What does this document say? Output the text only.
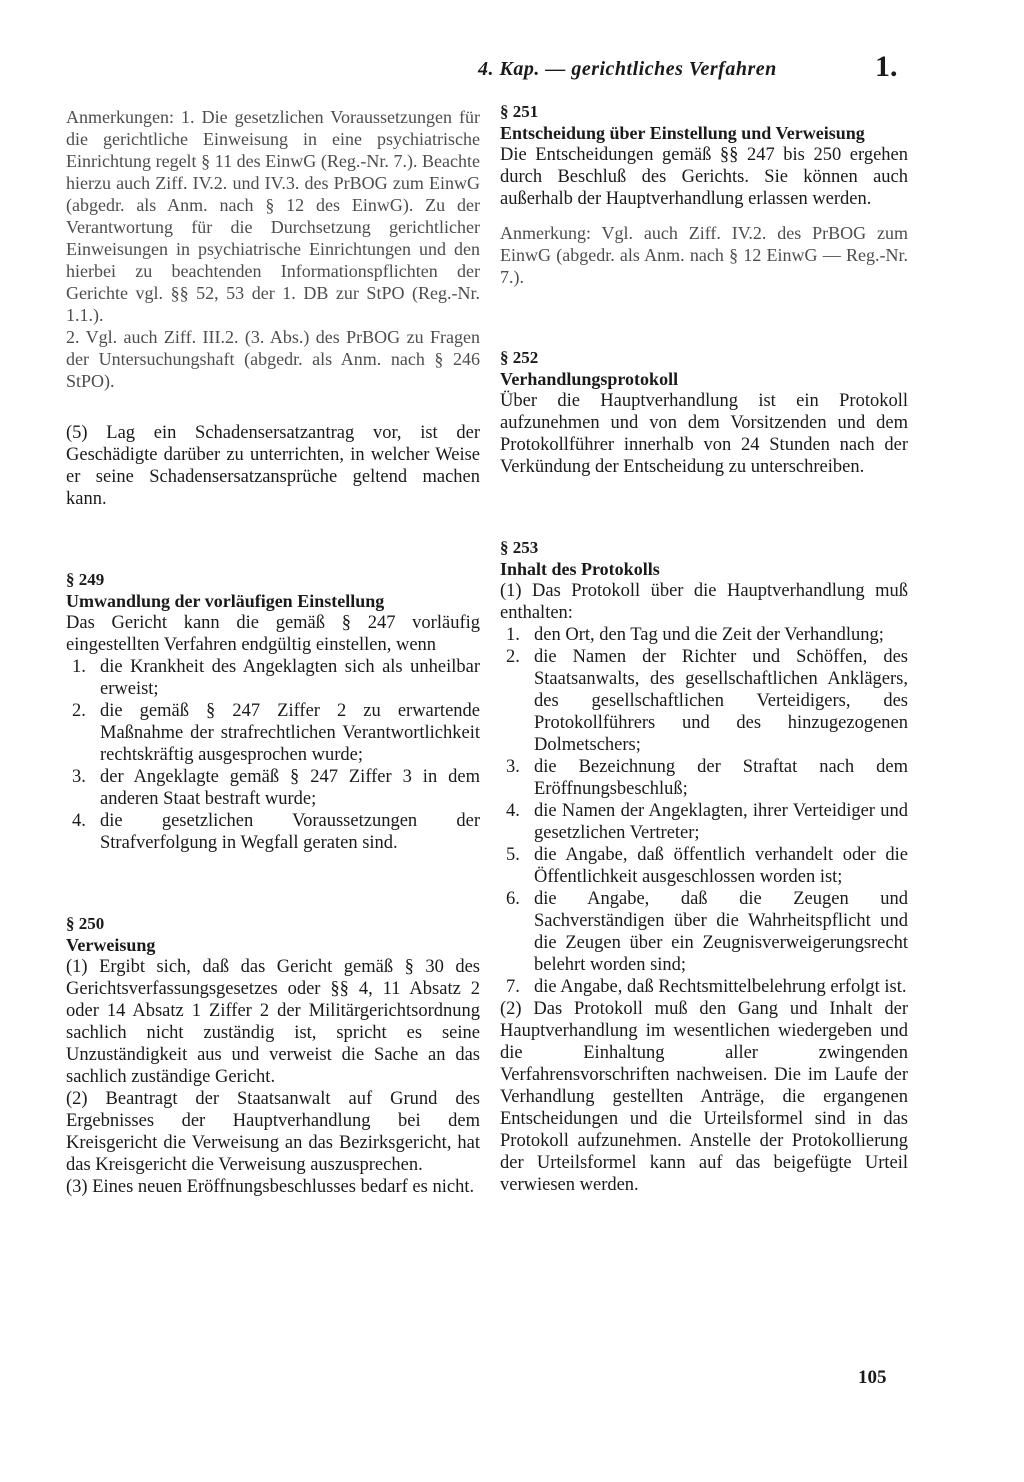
4. Kap. — gerichtliches Verfahren	1.

Anmerkungen: 1. Die gesetzlichen Voraussetzungen für die gerichtliche Einweisung in eine psychiatrische Einrichtung regelt § 11 des EinwG (Reg.-Nr. 7.). Beachte hierzu auch Ziff. IV.2. und IV.3. des PrBOG zum EinwG (abgedr. als Anm. nach § 12 des EinwG). Zu der Verantwortung für die Durchsetzung gerichtlicher Einweisungen in psychiatrische Einrichtungen und den hierbei zu beachtenden Informationspflichten der Gerichte vgl. §§ 52, 53 der 1. DB zur StPO (Reg.-Nr. 1.1.).

2. Vgl. auch Ziff. III.2. (3. Abs.) des PrBOG zu Fragen der Untersuchungshaft (abgedr. als Anm. nach § 246 StPO).

(5) Lag ein Schadensersatzantrag vor, ist der Geschädigte darüber zu unterrichten, in welcher Weise er seine Schadensersatzansprüche geltend machen kann.

§ 249
Umwandlung der vorläufigen Einstellung

Das Gericht kann die gemäß § 247 vorläufig eingestellten Verfahren endgültig einstellen, wenn

1. die Krankheit des Angeklagten sich als unheilbar erweist;
2. die gemäß § 247 Ziffer 2 zu erwartende Maßnahme der strafrechtlichen Verantwortlichkeit rechtskräftig ausgesprochen wurde;
3. der Angeklagte gemäß § 247 Ziffer 3 in dem anderen Staat bestraft wurde;
4. die gesetzlichen Voraussetzungen der Strafverfolgung in Wegfall geraten sind.
§ 250
Verweisung

(1) Ergibt sich, daß das Gericht gemäß § 30 des Gerichtsverfassungsgesetzes oder §§ 4, 11 Absatz 2 oder 14 Absatz 1 Ziffer 2 der Militärgerichtsordnung sachlich nicht zuständig ist, spricht es seine Unzuständigkeit aus und verweist die Sache an das sachlich zuständige Gericht.

(2) Beantragt der Staatsanwalt auf Grund des Ergebnisses der Hauptverhandlung bei dem Kreisgericht die Verweisung an das Bezirksgericht, hat das Kreisgericht die Verweisung auszusprechen.

(3) Eines neuen Eröffnungsbeschlusses bedarf es nicht.

§ 251
Entscheidung über Einstellung und Verweisung

Die Entscheidungen gemäß §§ 247 bis 250 ergehen durch Beschluß des Gerichts. Sie können auch außerhalb der Hauptverhandlung erlassen werden.

Anmerkung: Vgl. auch Ziff. IV.2. des PrBOG zum EinwG (abgedr. als Anm. nach § 12 EinwG — Reg.-Nr. 7.).

§ 252
Verhandlungsprotokoll

Über die Hauptverhandlung ist ein Protokoll aufzunehmen und von dem Vorsitzenden und dem Protokollführer innerhalb von 24 Stunden nach der Verkündung der Entscheidung zu unterschreiben.

§ 253
Inhalt des Protokolls

(1) Das Protokoll über die Hauptverhandlung muß enthalten:

1. den Ort, den Tag und die Zeit der Verhandlung;
2. die Namen der Richter und Schöffen, des Staatsanwalts, des gesellschaftlichen Anklägers, des gesellschaftlichen Verteidigers, des Protokollführers und des hinzugezogenen Dolmetschers;
3. die Bezeichnung der Straftat nach dem Eröffnungsbeschluß;
4. die Namen der Angeklagten, ihrer Verteidiger und gesetzlichen Vertreter;
5. die Angabe, daß öffentlich verhandelt oder die Öffentlichkeit ausgeschlossen worden ist;
6. die Angabe, daß die Zeugen und Sachverständigen über die Wahrheitspflicht und die Zeugen über ein Zeugnisverweigerungsrecht belehrt worden sind;
7. die Angabe, daß Rechtsmittelbelehrung erfolgt ist.

(2) Das Protokoll muß den Gang und Inhalt der Hauptverhandlung im wesentlichen wiedergeben und die Einhaltung aller zwingenden Verfahrensvorschriften nachweisen. Die im Laufe der Verhandlung gestellten Anträge, die ergangenen Entscheidungen und die Urteilsformel sind in das Protokoll aufzunehmen. Anstelle der Protokollierung der Urteilsformel kann auf das beigefügte Urteil verwiesen werden.

105
